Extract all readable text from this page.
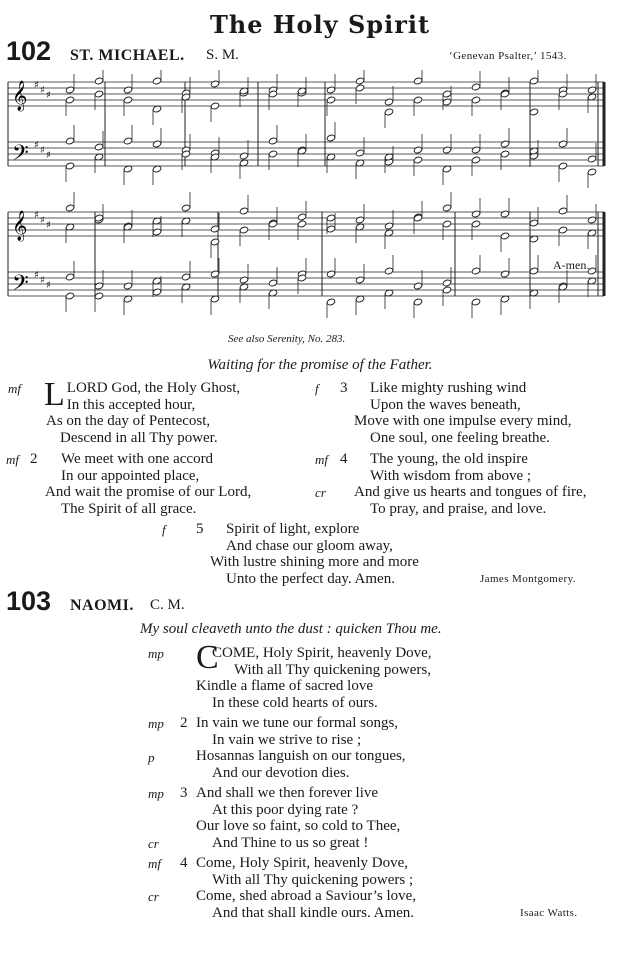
The Holy Spirit
102 ST. MICHAEL. S. M.	‘Genevan Psalter,’ 1543.
𝄞 ♯ ♯ ♯
𝄢 ♯ ♯ ♯
𝄞 ♯ ♯ ♯
𝄢 ♯ ♯ ♯
See also Serenity, No. 283.
Waiting for the promise of the Father.
A-men.
mf L LORD God, the Holy Ghost,
In this accepted hour,
As on the day of Pentecost,
Descend in all Thy power.
mf 2	We meet with one accord
In our appointed place,
And wait the promise of our Lord,
The Spirit of all grace.
f 3	Like mighty rushing wind
Upon the waves beneath,
Move with one impulse every mind,
One soul, one feeling breathe.
mf 4
cr
The young, the old inspire
With wisdom from above ;
And give us hearts and tongues of fire,
To pray, and praise, and love.
f 5	Spirit of light, explore
And chase our gloom away,
With lustre shining more and more
Unto the perfect day. Amen.	James Montgomery.
103 NAOMI. C. M.
My soul cleaveth unto the dust : quicken Thou me.
mp C
COME, Holy Spirit, heavenly Dove,
With all Thy quickening powers,
Kindle a flame of sacred love
In these cold hearts of ours.
mp 2
p
In vain we tune our formal songs,
In vain we strive to rise ;
Hosannas languish on our tongues,
And our devotion dies.
mp 3
cr
And shall we then forever live
At this poor dying rate ?
Our love so faint, so cold to Thee,
And Thine to us so great !
mf 4
cr
Come, Holy Spirit, heavenly Dove,
With all Thy quickening powers ;
Come, shed abroad a Saviour’s love,
And that shall kindle ours. Amen.	Isaac Watts.
